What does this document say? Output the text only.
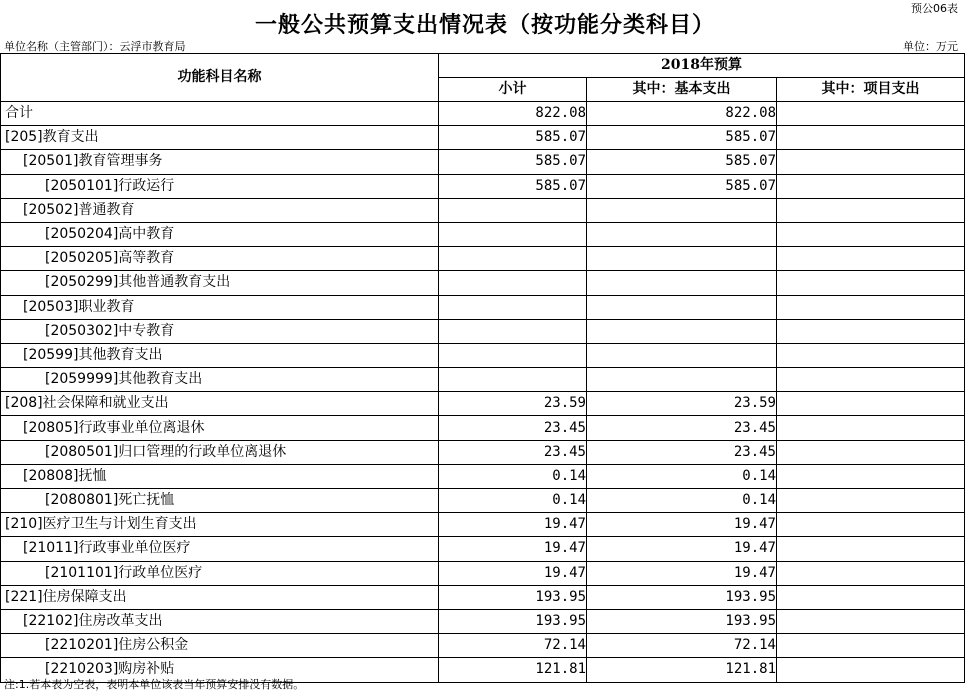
预公06表
一般公共预算支出情况表（按功能分类科目）
单位名称（主管部门）：云浮市教育局	单位：万元
功能科目名称	2018年预算		
	小计	其中：基本支出	其中：项目支出
合计	822.08	822.08	
[205]教育支出	585.07	585.07	
[20501]教育管理事务	585.07	585.07	
[2050101]行政运行	585.07	585.07	
[20502]普通教育			
[2050204]高中教育			
[2050205]高等教育			
[2050299]其他普通教育支出			
[20503]职业教育			
[2050302]中专教育			
[20599]其他教育支出			
[2059999]其他教育支出			
[208]社会保障和就业支出	23.59	23.59	
[20805]行政事业单位离退休	23.45	23.45	
[2080501]归口管理的行政单位离退休	23.45	23.45	
[20808]抚恤	0.14	0.14	
[2080801]死亡抚恤	0.14	0.14	
[210]医疗卫生与计划生育支出	19.47	19.47	
[21011]行政事业单位医疗	19.47	19.47	
[2101101]行政单位医疗	19.47	19.47	
[221]住房保障支出	193.95	193.95	
[22102]住房改革支出	193.95	193.95	
[2210201]住房公积金	72.14	72.14	
[2210203]购房补贴	121.81	121.81	
注:1.若本表为空表，表明本单位该表当年预算安排没有数据。
